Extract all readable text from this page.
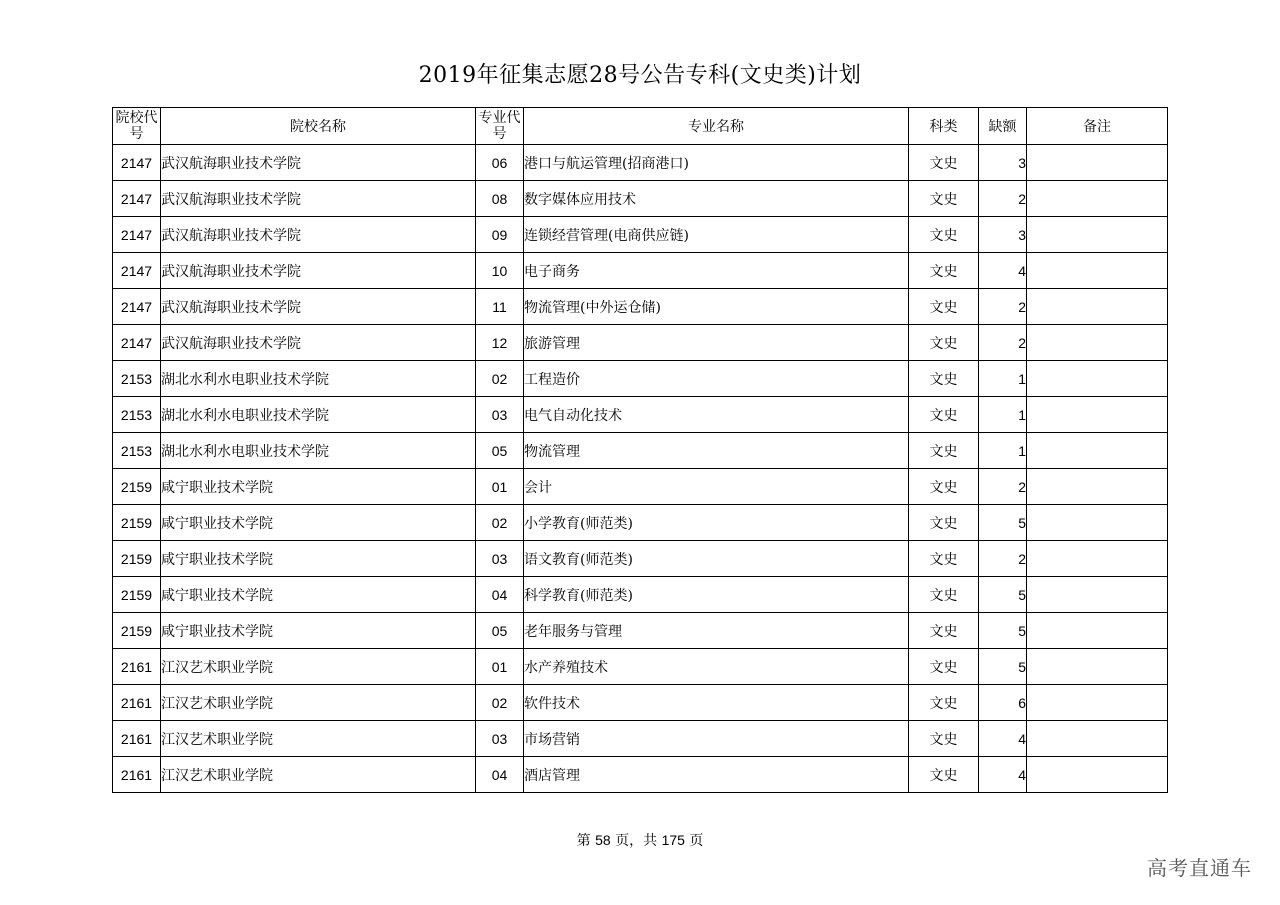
2019年征集志愿28号公告专科(文史类)计划
院校代号	院校名称	专业代号	专业名称	科类	缺额	备注
2147	武汉航海职业技术学院	06	港口与航运管理(招商港口)	文史	3	
2147	武汉航海职业技术学院	08	数字媒体应用技术	文史	2	
2147	武汉航海职业技术学院	09	连锁经营管理(电商供应链)	文史	3	
2147	武汉航海职业技术学院	10	电子商务	文史	4	
2147	武汉航海职业技术学院	11	物流管理(中外运仓储)	文史	2	
2147	武汉航海职业技术学院	12	旅游管理	文史	2	
2153	湖北水利水电职业技术学院	02	工程造价	文史	1	
2153	湖北水利水电职业技术学院	03	电气自动化技术	文史	1	
2153	湖北水利水电职业技术学院	05	物流管理	文史	1	
2159	咸宁职业技术学院	01	会计	文史	2	
2159	咸宁职业技术学院	02	小学教育(师范类)	文史	5	
2159	咸宁职业技术学院	03	语文教育(师范类)	文史	2	
2159	咸宁职业技术学院	04	科学教育(师范类)	文史	5	
2159	咸宁职业技术学院	05	老年服务与管理	文史	5	
2161	江汉艺术职业学院	01	水产养殖技术	文史	5	
2161	江汉艺术职业学院	02	软件技术	文史	6	
2161	江汉艺术职业学院	03	市场营销	文史	4	
2161	江汉艺术职业学院	04	酒店管理	文史	4	
第 58 页，共 175 页
高考直通车
